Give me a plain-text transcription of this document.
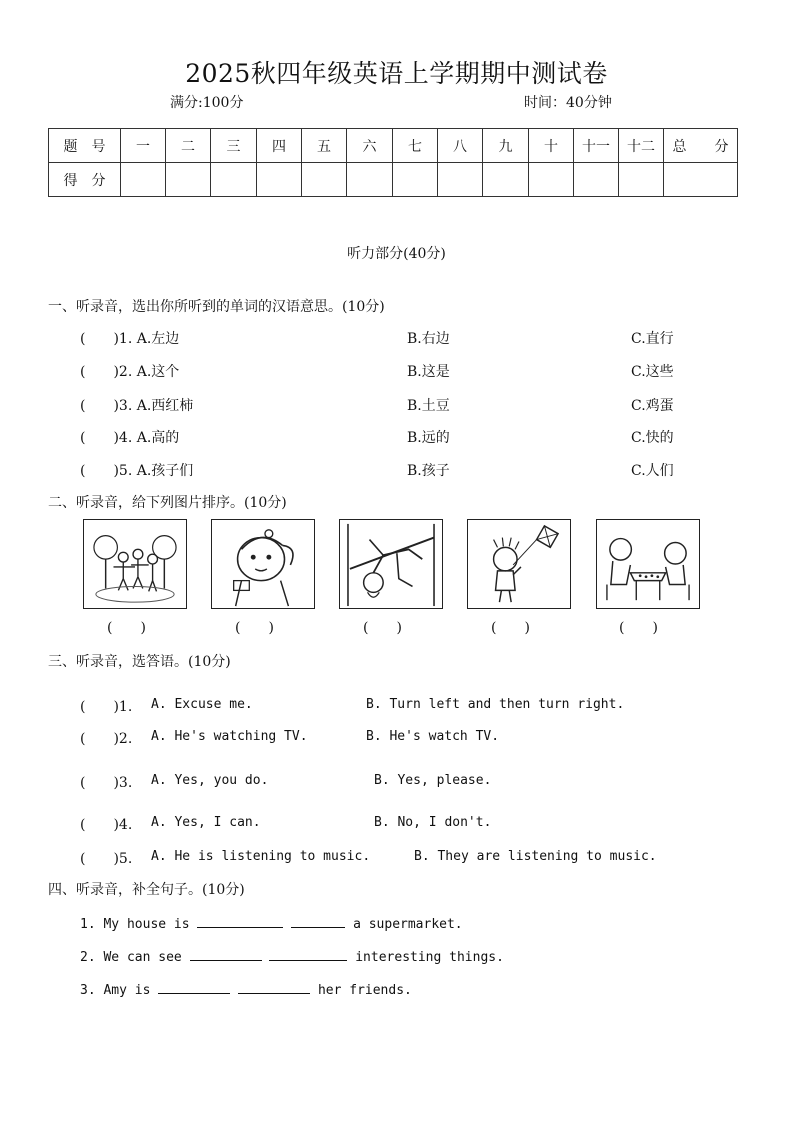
2025秋四年级英语上学期期中测试卷
满分:100分	时间：40分钟
题　号	一	二	三	四	五	六	七	八	九	十	十一	十二	总　　分
得　分													
听力部分(40分)
一、听录音，选出你所听到的单词的汉语意思。(10分)
(　　)1. A.左边	B.右边	C.直行
(　　)2. A.这个	B.这是	C.这些
(　　)3. A.西红柿	B.土豆	C.鸡蛋
(　　)4. A.高的	B.远的	C.快的
(　　)5. A.孩子们	B.孩子	C.人们
二、听录音，给下列图片排序。(10分)
(　　)	(　　)	(　　)	(　　)	(　　)
三、听录音，选答语。(10分)
(　　)1. A. Excuse me.	B. Turn left and then turn right.
(　　)2. A. He's watching TV.	B. He's watch TV.
(　　)3. A. Yes, you do.	B. Yes, please.
(　　)4. A. Yes, I can.	B. No, I don't.
(　　)5. A. He is listening to music.	B. They are listening to music.
四、听录音，补全句子。(10分)
1. My house is	a supermarket.
2. We can see	interesting things.
3. Amy is	her friends.
